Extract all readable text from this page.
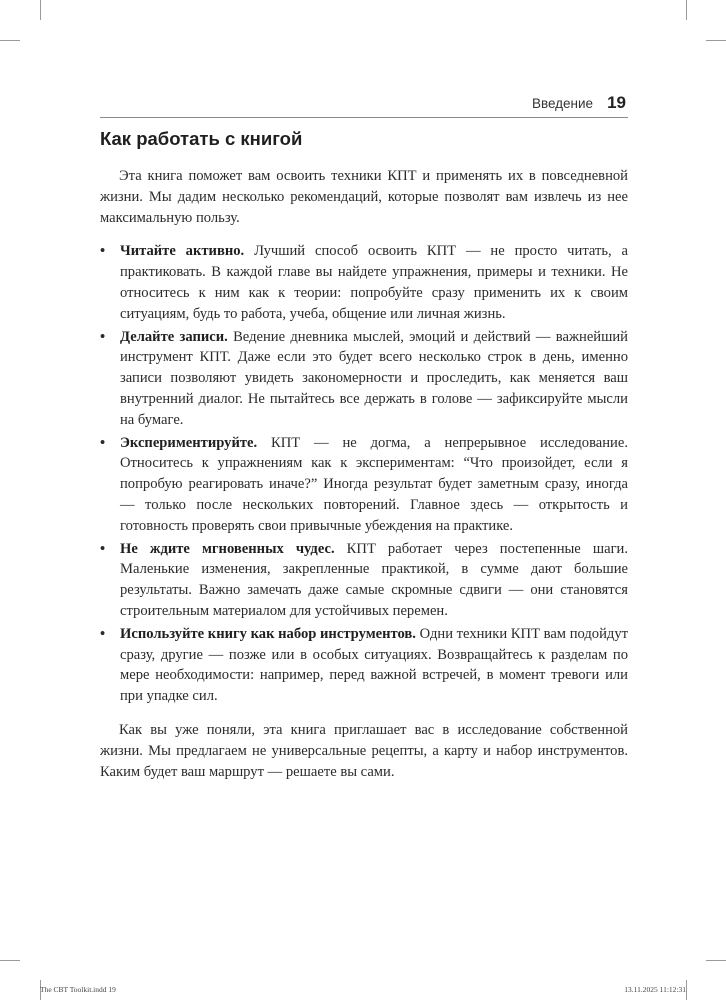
Введение 19
Как работать с книгой

Эта книга поможет вам освоить техники КПТ и применять их в повседневной жизни. Мы дадим несколько рекомендаций, которые позволят вам извлечь из нее максимальную пользу.

• Читайте активно. Лучший способ освоить КПТ — не просто читать, а практиковать. В каждой главе вы найдете упражнения, примеры и техники. Не относитесь к ним как к теории: попробуйте сразу применить их к своим ситуациям, будь то работа, учеба, общение или личная жизнь.
• Делайте записи. Ведение дневника мыслей, эмоций и действий — важнейший инструмент КПТ. Даже если это будет всего несколько строк в день, именно записи позволяют увидеть закономерности и проследить, как меняется ваш внутренний диалог. Не пытайтесь все держать в голове — зафиксируйте мысли на бумаге.
• Экспериментируйте. КПТ — не догма, а непрерывное исследование. Относитесь к упражнениям как к экспериментам: “Что произойдет, если я попробую реагировать иначе?” Иногда результат будет заметным сразу, иногда — только после нескольких повторений. Главное здесь — открытость и готовность проверять свои привычные убеждения на практике.
• Не ждите мгновенных чудес. КПТ работает через постепенные шаги. Маленькие изменения, закрепленные практикой, в сумме дают большие результаты. Важно замечать даже самые скромные сдвиги — они становятся строительным материалом для устойчивых перемен.
• Используйте книгу как набор инструментов. Одни техники КПТ вам подойдут сразу, другие — позже или в особых ситуациях. Возвращайтесь к разделам по мере необходимости: например, перед важной встречей, в момент тревоги или при упадке сил.

Как вы уже поняли, эта книга приглашает вас в исследование собственной жизни. Мы предлагаем не универсальные рецепты, а карту и набор инструментов. Каким будет ваш маршрут — решаете вы сами.

The CBT Toolkit.indd 19	13.11.2025 11:12:31
